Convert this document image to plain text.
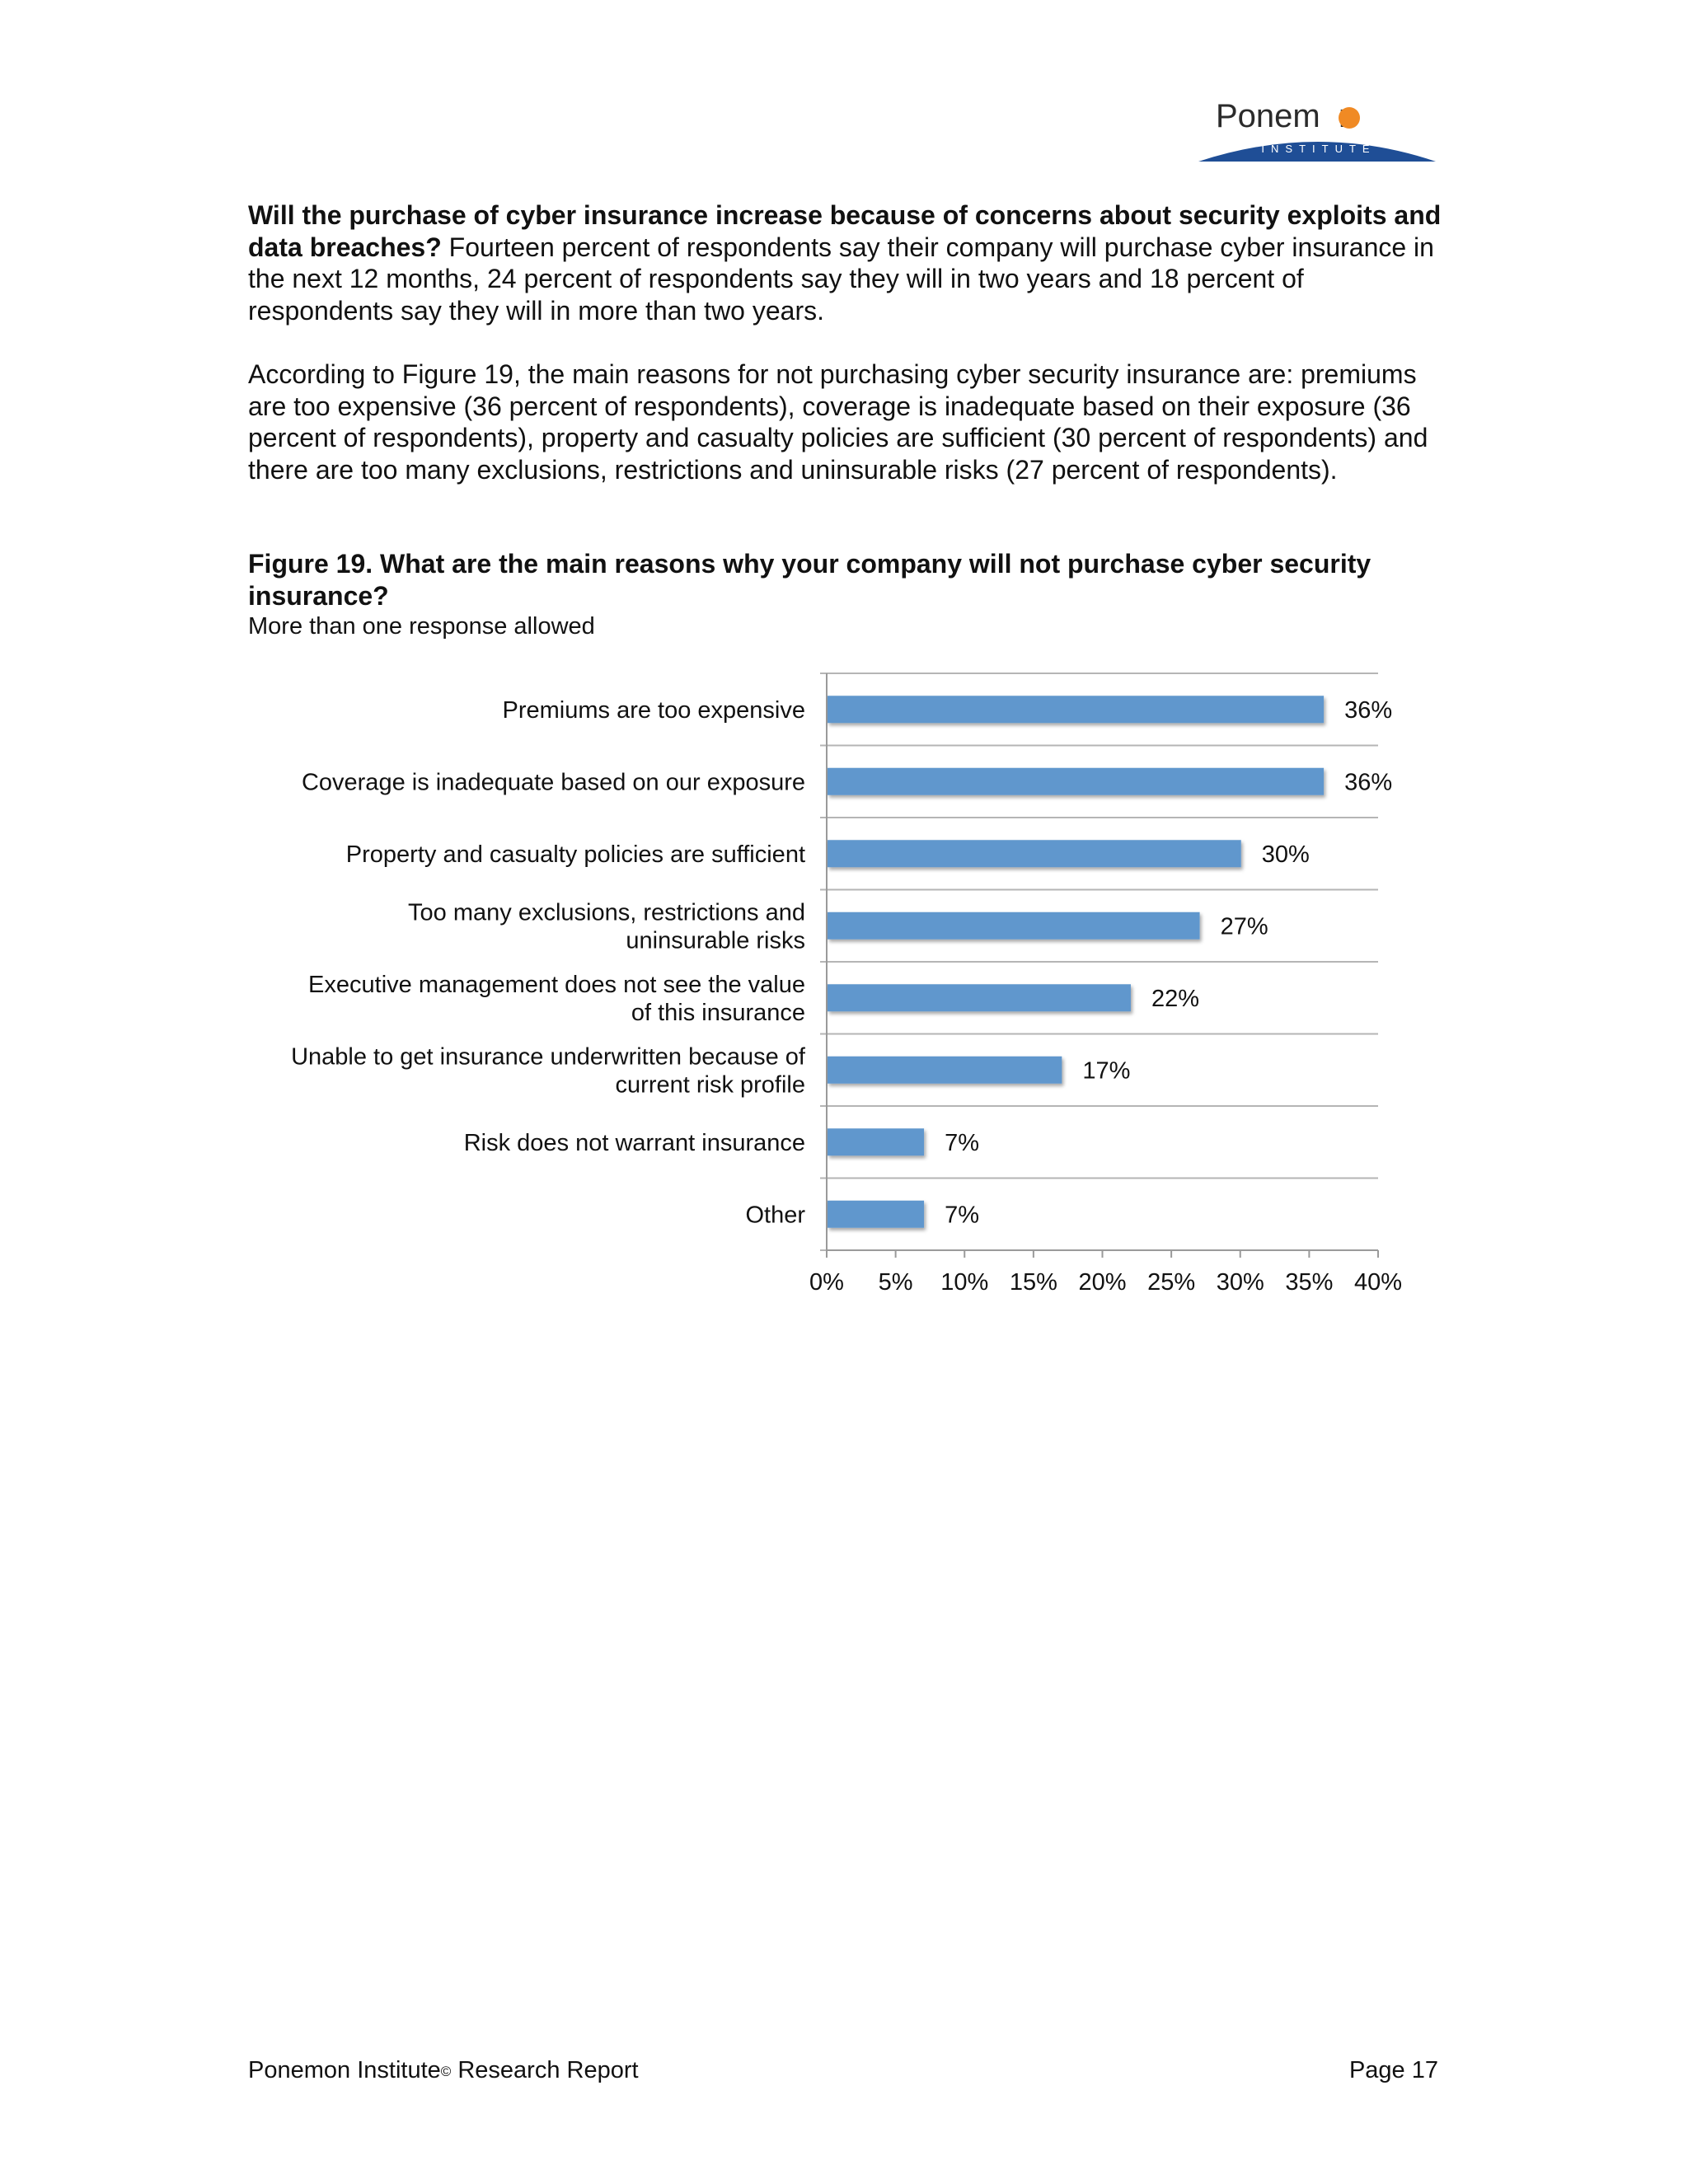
Ponemo
INSTITUTE

Will the purchase of cyber insurance increase because of concerns about security exploits and data breaches? Fourteen percent of respondents say their company will purchase cyber insurance in the next 12 months, 24 percent of respondents say they will in two years and 18 percent of respondents say they will in more than two years.

According to Figure 19, the main reasons for not purchasing cyber security insurance are: premiums are too expensive (36 percent of respondents), coverage is inadequate based on their exposure (36 percent of respondents), property and casualty policies are sufficient (30 percent of respondents) and there are too many exclusions, restrictions and uninsurable risks (27 percent of respondents).

Figure 19. What are the main reasons why your company will not purchase cyber security insurance?

More than one response allowed

0% 5% 10% 15% 20% 25% 30% 35% 40%
36%
Premiums are too expensive
36%
Coverage is inadequate based on our exposure
30%
Property and casualty policies are sufficient
27%
Too many exclusions, restrictions and uninsurable risks
22%
Executive management does not see the value of this insurance
17%
Unable to get insurance underwritten because of current risk profile
7%
Risk does not warrant insurance
7%
Other
Ponemon Institute© Research Report	Page 17
